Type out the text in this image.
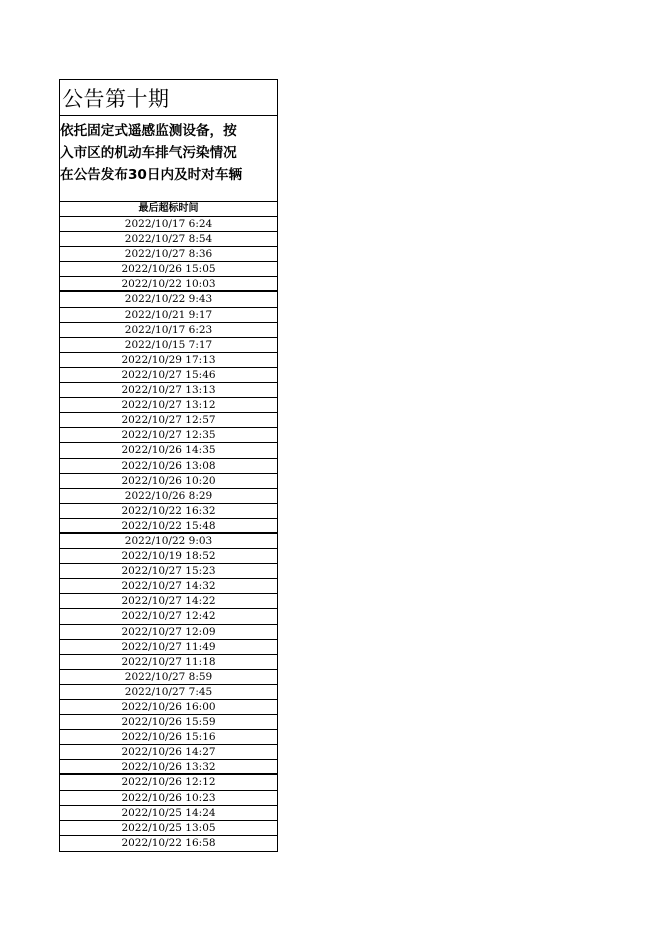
公告第十期
依托固定式遥感监测设备，按
入市区的机动车排气污染情况
在公告发布30日内及时对车辆
最后超标时间
2022/10/17 6:24
2022/10/27 8:54
2022/10/27 8:36
2022/10/26 15:05
2022/10/22 10:03
2022/10/22 9:43
2022/10/21 9:17
2022/10/17 6:23
2022/10/15 7:17
2022/10/29 17:13
2022/10/27 15:46
2022/10/27 13:13
2022/10/27 13:12
2022/10/27 12:57
2022/10/27 12:35
2022/10/26 14:35
2022/10/26 13:08
2022/10/26 10:20
2022/10/26 8:29
2022/10/22 16:32
2022/10/22 15:48
2022/10/22 9:03
2022/10/19 18:52
2022/10/27 15:23
2022/10/27 14:32
2022/10/27 14:22
2022/10/27 12:42
2022/10/27 12:09
2022/10/27 11:49
2022/10/27 11:18
2022/10/27 8:59
2022/10/27 7:45
2022/10/26 16:00
2022/10/26 15:59
2022/10/26 15:16
2022/10/26 14:27
2022/10/26 13:32
2022/10/26 12:12
2022/10/26 10:23
2022/10/25 14:24
2022/10/25 13:05
2022/10/22 16:58
